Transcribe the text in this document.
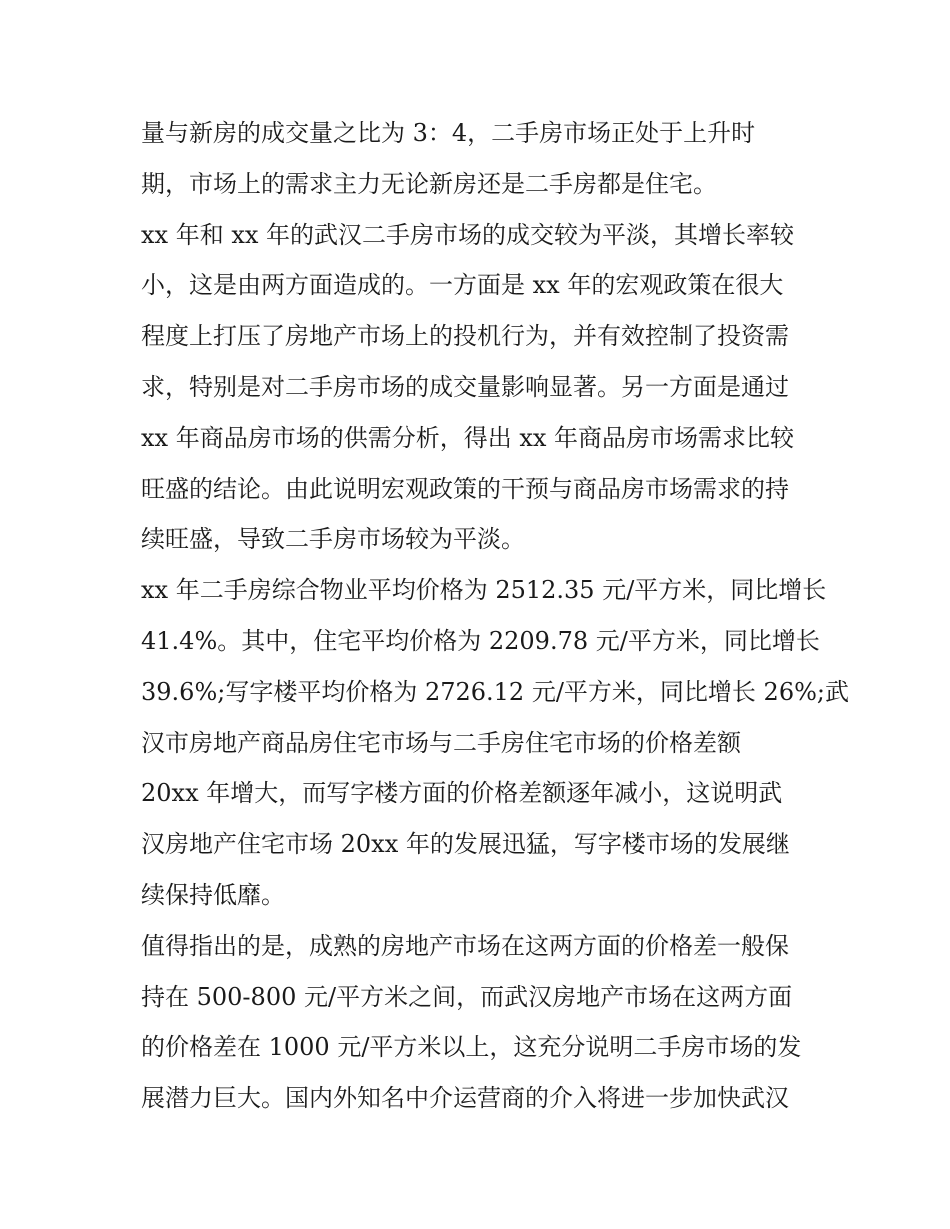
量与新房的成交量之比为 3：4，二手房市场正处于上升时
期，市场上的需求主力无论新房还是二手房都是住宅。
xx 年和 xx 年的武汉二手房市场的成交较为平淡，其增长率较
小，这是由两方面造成的。一方面是 xx 年的宏观政策在很大
程度上打压了房地产市场上的投机行为，并有效控制了投资需
求，特别是对二手房市场的成交量影响显著。另一方面是通过
xx 年商品房市场的供需分析，得出 xx 年商品房市场需求比较
旺盛的结论。由此说明宏观政策的干预与商品房市场需求的持
续旺盛，导致二手房市场较为平淡。
xx 年二手房综合物业平均价格为 2512.35 元/平方米，同比增长
41.4%。其中，住宅平均价格为 2209.78 元/平方米，同比增长
39.6%;写字楼平均价格为 2726.12 元/平方米，同比增长 26%;武
汉市房地产商品房住宅市场与二手房住宅市场的价格差额
20xx 年增大，而写字楼方面的价格差额逐年减小，这说明武
汉房地产住宅市场 20xx 年的发展迅猛，写字楼市场的发展继
续保持低靡。
值得指出的是，成熟的房地产市场在这两方面的价格差一般保
持在 500-800 元/平方米之间，而武汉房地产市场在这两方面
的价格差在 1000 元/平方米以上，这充分说明二手房市场的发
展潜力巨大。国内外知名中介运营商的介入将进一步加快武汉
